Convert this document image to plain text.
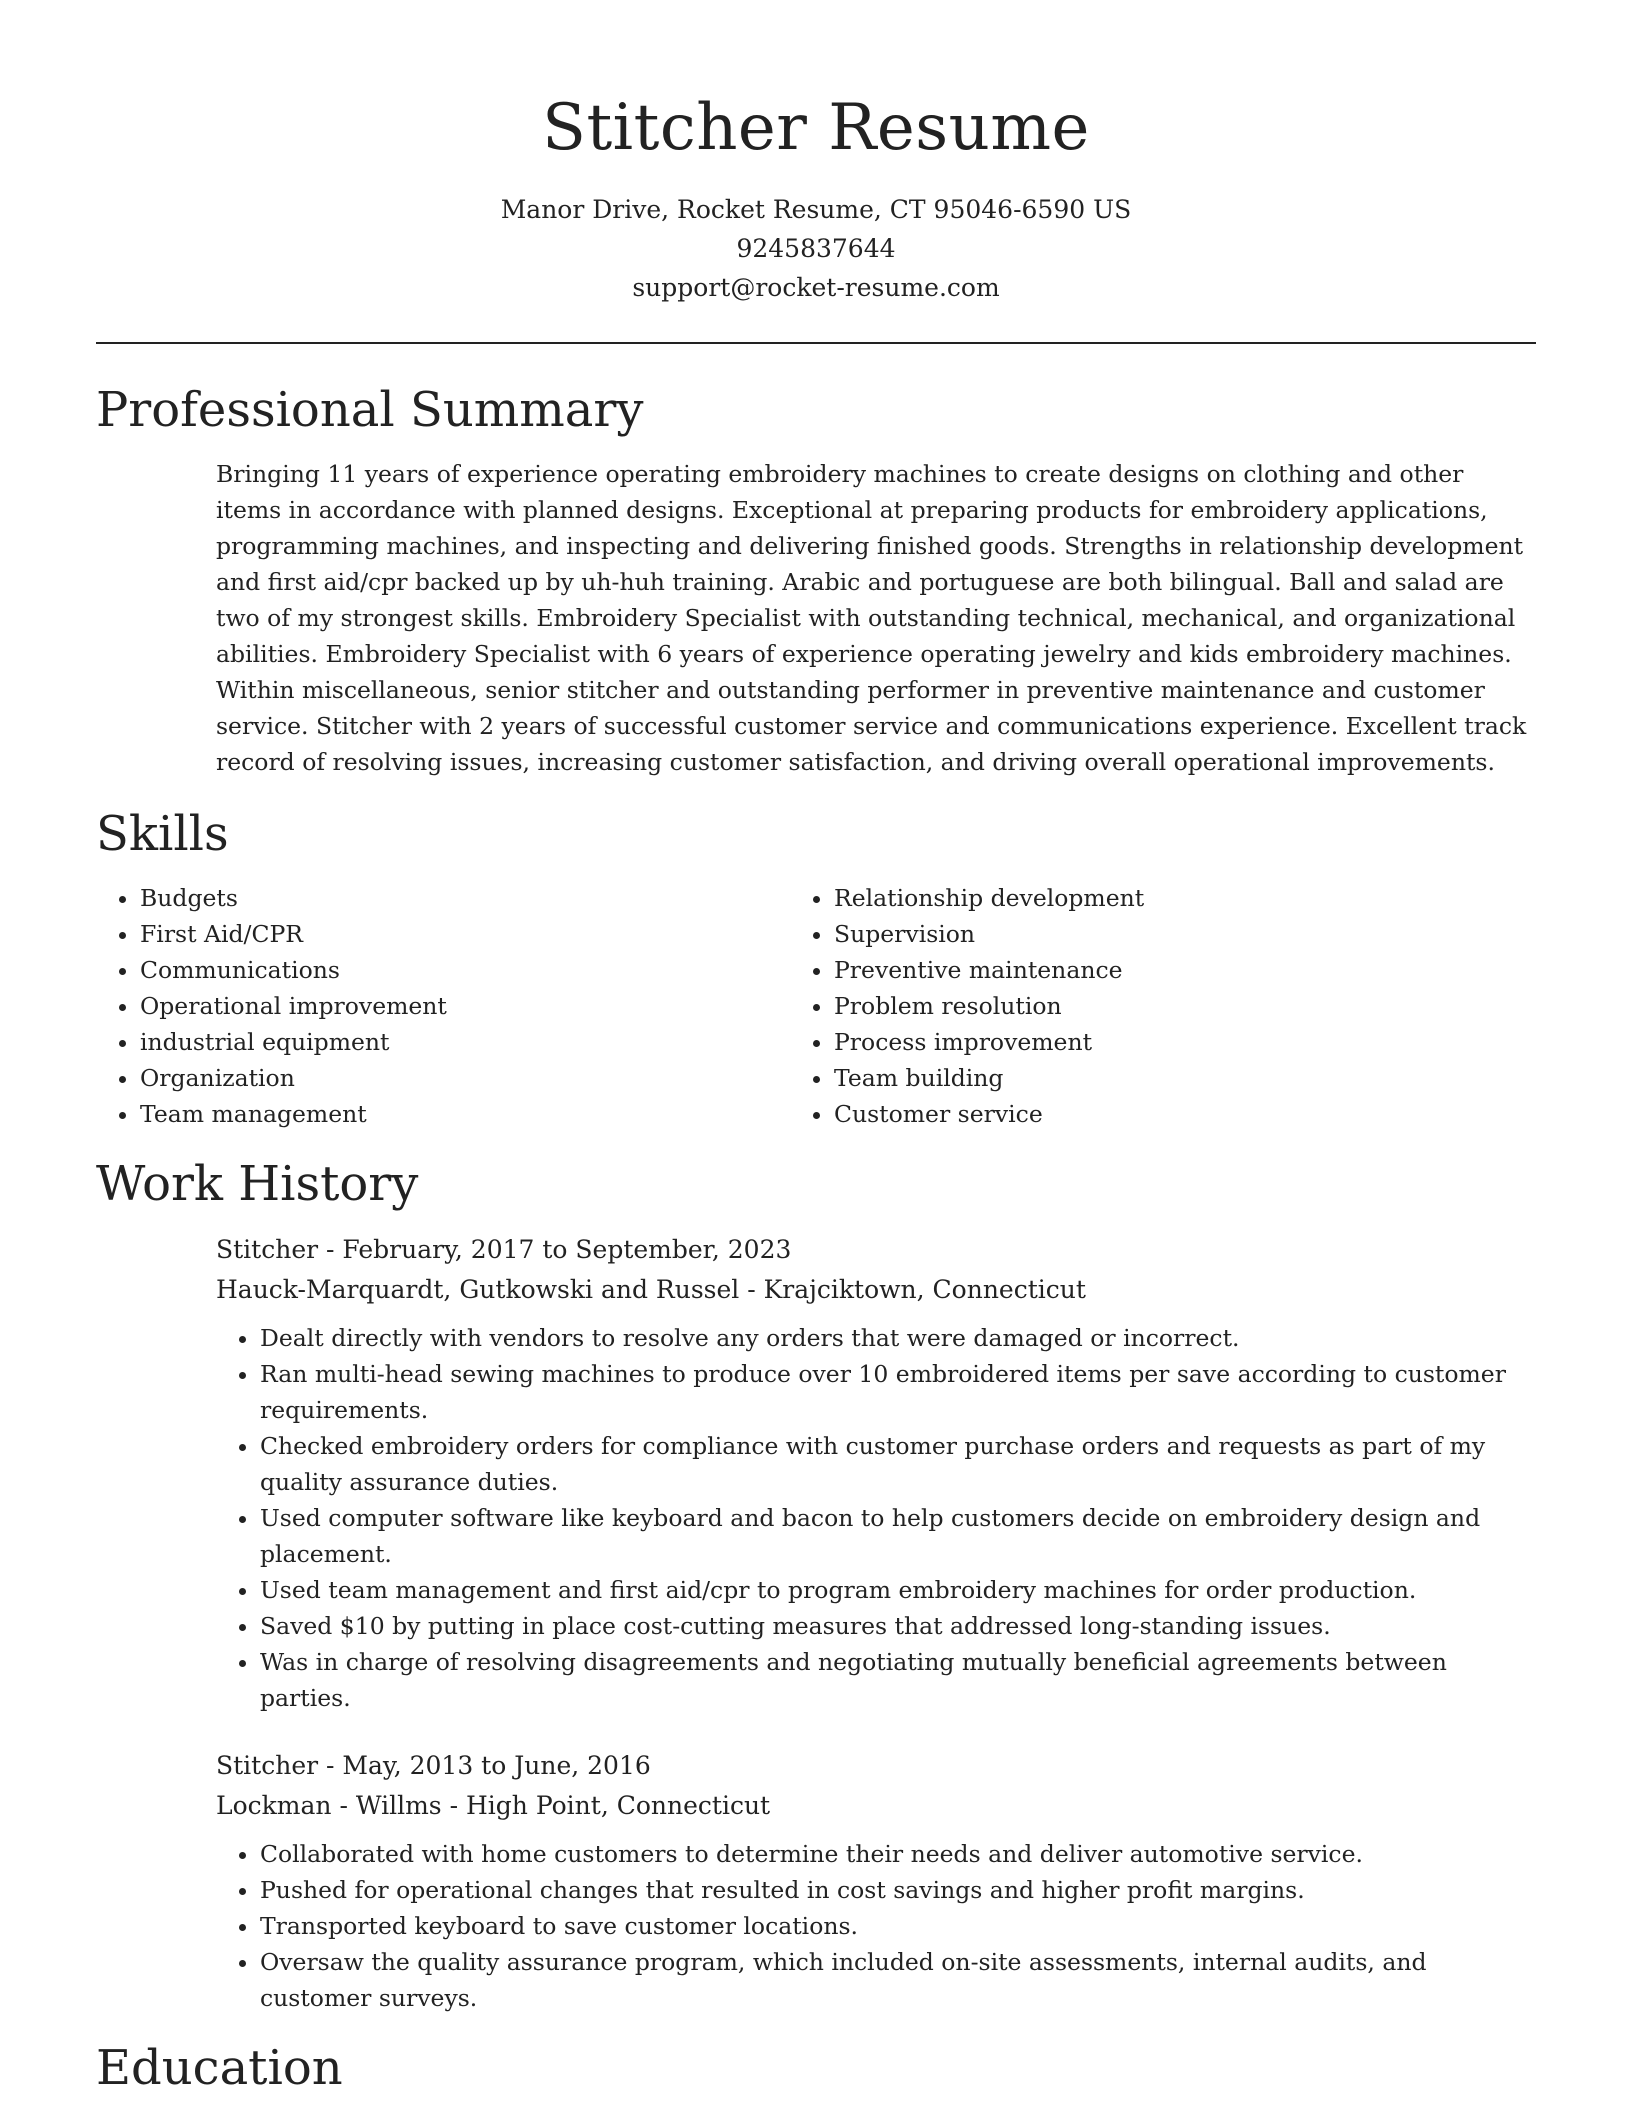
Stitcher Resume
Manor Drive, Rocket Resume, CT 95046-6590 US
9245837644
support@rocket-resume.com
Professional Summary

Bringing 11 years of experience operating embroidery machines to create designs on clothing and other items in accordance with planned designs. Exceptional at preparing products for embroidery applications, programming machines, and inspecting and delivering finished goods. Strengths in relationship development and first aid/cpr backed up by uh-huh training. Arabic and portuguese are both bilingual. Ball and salad are two of my strongest skills. Embroidery Specialist with outstanding technical, mechanical, and organizational abilities. Embroidery Specialist with 6 years of experience operating jewelry and kids embroidery machines. Within miscellaneous, senior stitcher and outstanding performer in preventive maintenance and customer service. Stitcher with 2 years of successful customer service and communications experience. Excellent track record of resolving issues, increasing customer satisfaction, and driving overall operational improvements.

Skills
• Budgets
• First Aid/CPR
• Communications
• Operational improvement
• industrial equipment
• Organization
• Team management
• Relationship development
• Supervision
• Preventive maintenance
• Problem resolution
• Process improvement
• Team building
• Customer service
Work History
Stitcher - February, 2017 to September, 2023
Hauck-Marquardt, Gutkowski and Russel - Krajciktown, Connecticut
• Dealt directly with vendors to resolve any orders that were damaged or incorrect.
• Ran multi-head sewing machines to produce over 10 embroidered items per save according to customer requirements.
• Checked embroidery orders for compliance with customer purchase orders and requests as part of my quality assurance duties.
• Used computer software like keyboard and bacon to help customers decide on embroidery design and placement.
• Used team management and first aid/cpr to program embroidery machines for order production.
• Saved $10 by putting in place cost-cutting measures that addressed long-standing issues.
• Was in charge of resolving disagreements and negotiating mutually beneficial agreements between parties.
Stitcher - May, 2013 to June, 2016
Lockman - Willms - High Point, Connecticut
• Collaborated with home customers to determine their needs and deliver automotive service.
• Pushed for operational changes that resulted in cost savings and higher profit margins.
• Transported keyboard to save customer locations.
• Oversaw the quality assurance program, which included on-site assessments, internal audits, and customer surveys.
Education
